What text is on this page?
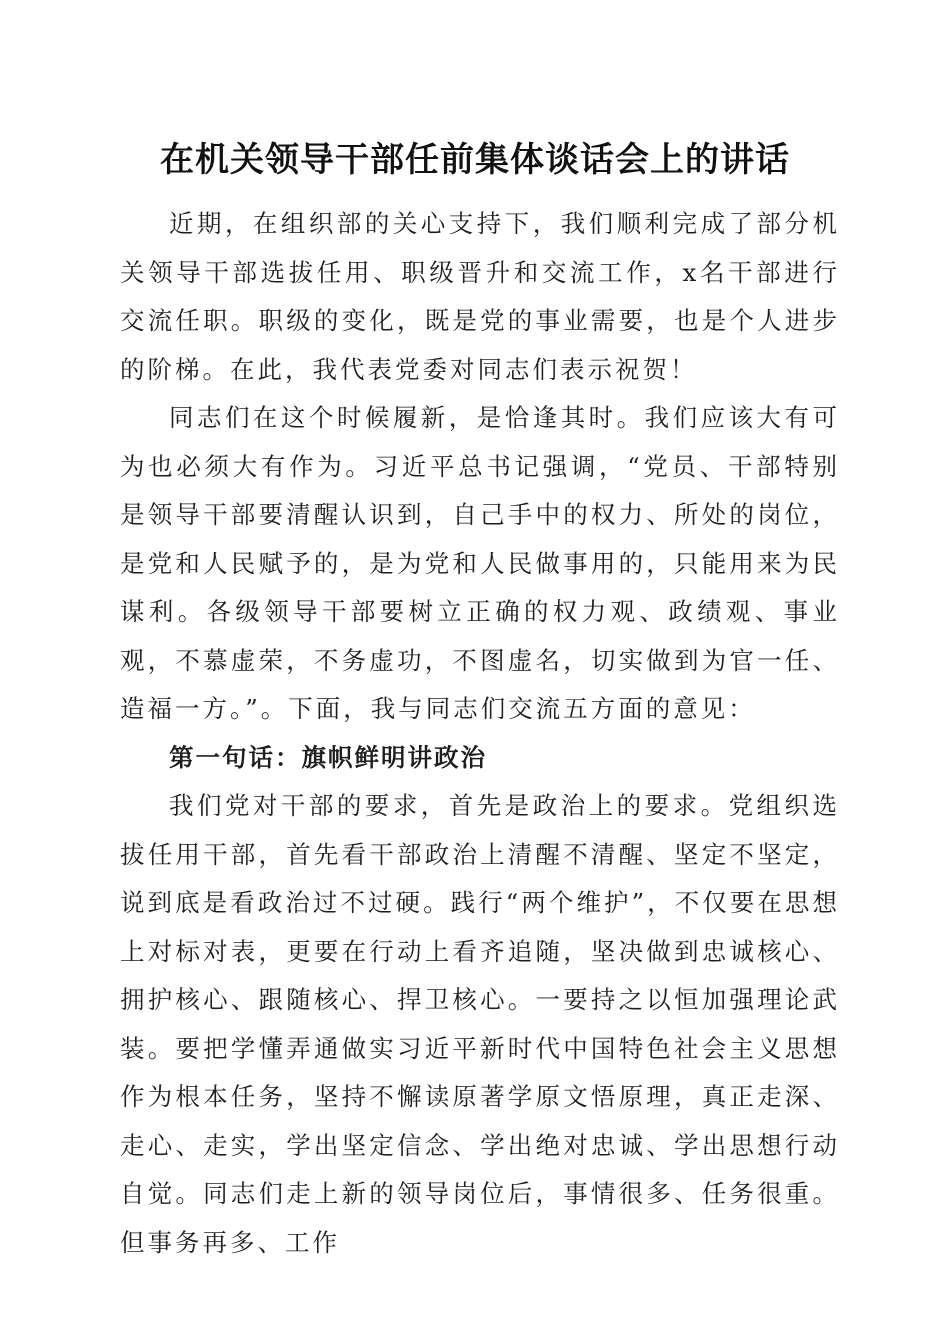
在机关领导干部任前集体谈话会上的讲话

近期，在组织部的关心支持下，我们顺利完成了部分机关领导干部选拔任用、职级晋升和交流工作，x名干部进行交流任职。职级的变化，既是党的事业需要，也是个人进步的阶梯。在此，我代表党委对同志们表示祝贺！

同志们在这个时候履新，是恰逢其时。我们应该大有可为也必须大有作为。习近平总书记强调，“党员、干部特别是领导干部要清醒认识到，自己手中的权力、所处的岗位，是党和人民赋予的，是为党和人民做事用的，只能用来为民谋利。各级领导干部要树立正确的权力观、政绩观、事业观，不慕虚荣，不务虚功，不图虚名，切实做到为官一任、造福一方。”。下面，我与同志们交流五方面的意见：

第一句话：旗帜鲜明讲政治

我们党对干部的要求，首先是政治上的要求。党组织选拔任用干部，首先看干部政治上清醒不清醒、坚定不坚定，说到底是看政治过不过硬。践行“两个维护”，不仅要在思想上对标对表，更要在行动上看齐追随，坚决做到忠诚核心、拥护核心、跟随核心、捍卫核心。一要持之以恒加强理论武装。要把学懂弄通做实习近平新时代中国特色社会主义思想作为根本任务，坚持不懈读原著学原文悟原理，真正走深、走心、走实，学出坚定信念、学出绝对忠诚、学出思想行动自觉。同志们走上新的领导岗位后，事情很多、任务很重。但事务再多、工作
